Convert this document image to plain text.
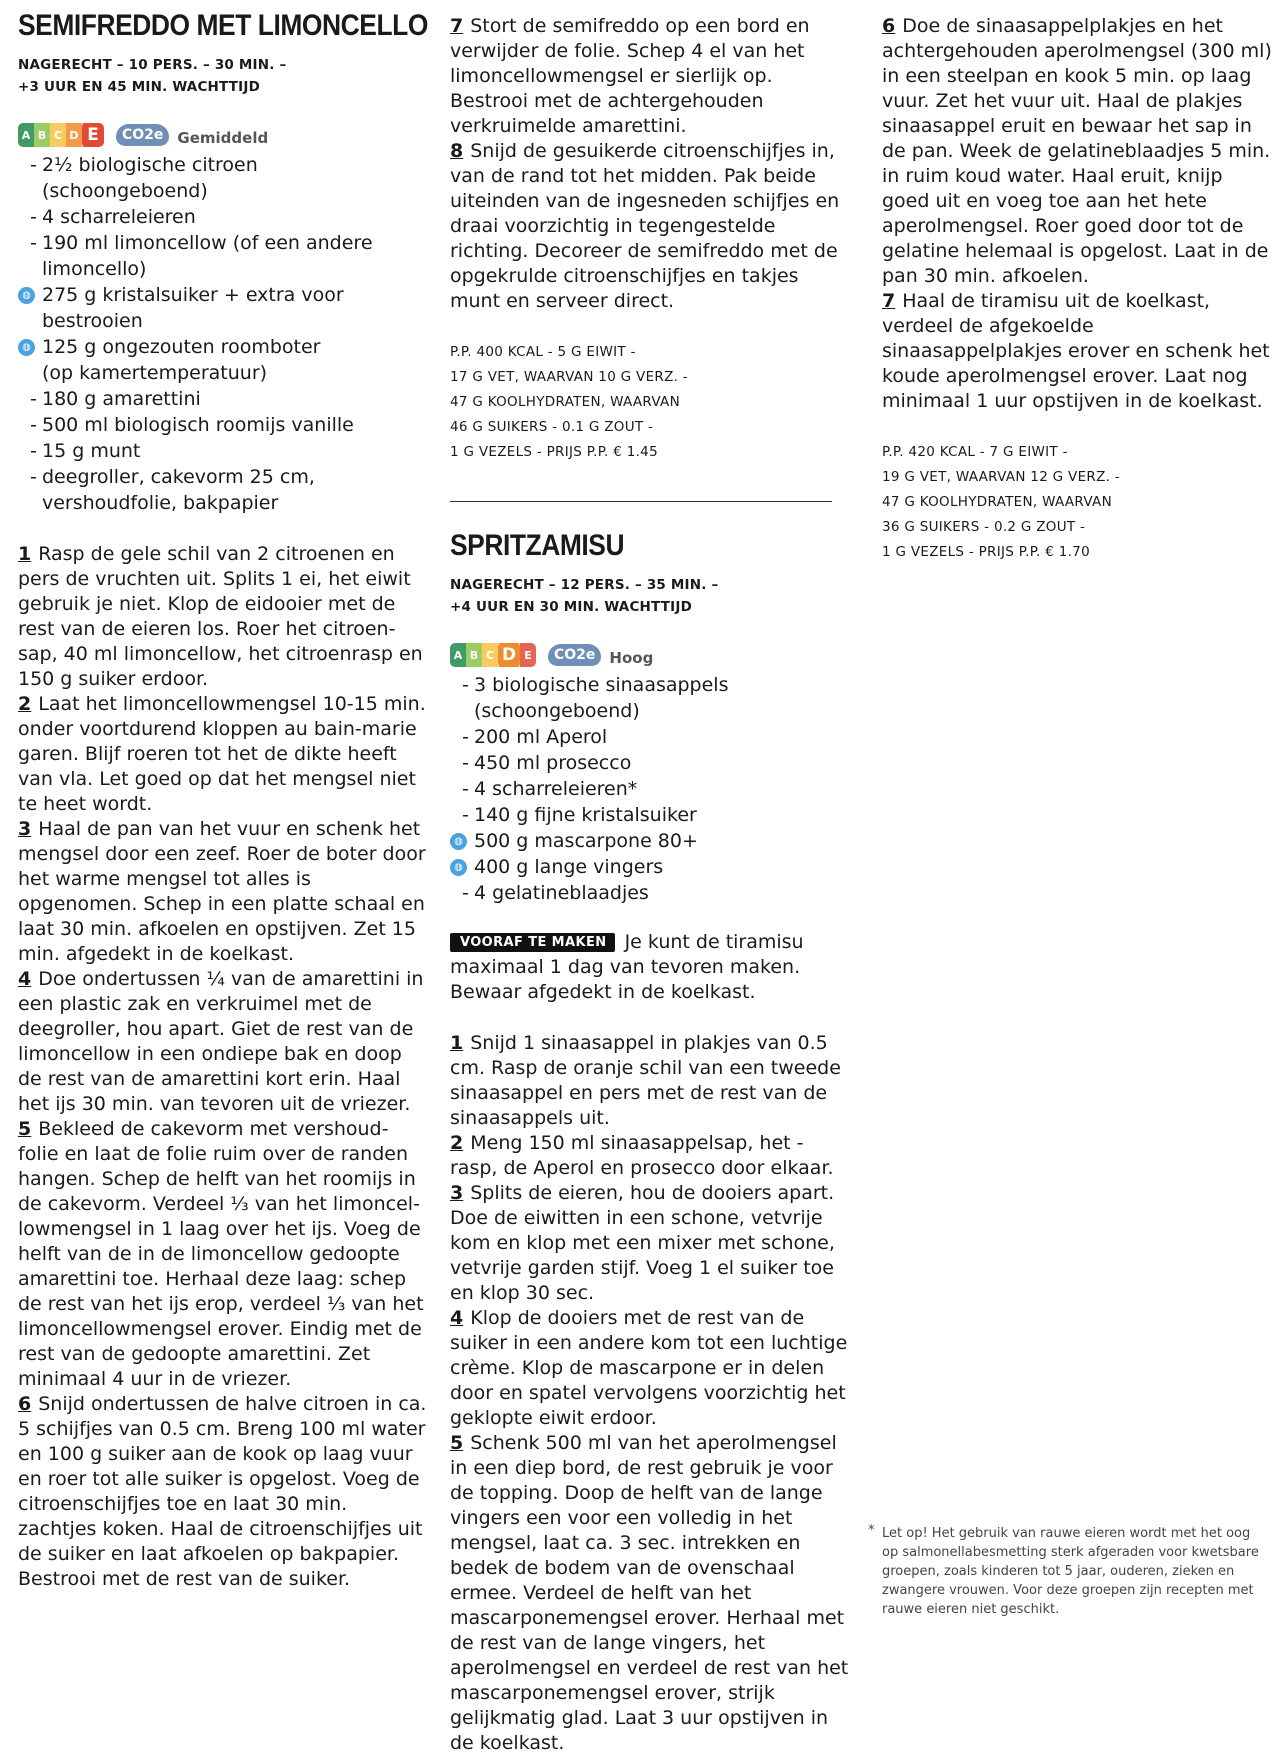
SEMIFREDDO MET LIMONCELLO
NAGERECHT – 10 PERS. – 30 MIN. –
+3 UUR EN 45 MIN. WACHTTIJD
A B C D E	CO2e Gemiddeld
- 2½ biologische citroen (schoongeboend)
- 4 scharreleieren
- 190 ml limoncellow (of een andere
limoncello)
◍ 275 g kristalsuiker + extra voor bestrooien
◍ 125 g ongezouten roomboter
(op kamertemperatuur)
- 180 g amarettini
- 500 ml biologisch roomijs vanille
- 15 g munt
- deegroller, cakevorm 25 cm,
vershoudfolie, bakpapier

1 Rasp de gele schil van 2 citroenen en pers de vruchten uit. Splits 1 ei, het eiwit gebruik je niet. Klop de eidooier met de rest van de eieren los. Roer het citroen-sap, 40 ml limoncellow, het citroenrasp en 150 g suiker erdoor.

2 Laat het limoncellowmengsel 10-15 min. onder voortdurend kloppen au bain-marie garen. Blijf roeren tot het de dikte heeft van vla. Let goed op dat het mengsel niet te heet wordt.

3 Haal de pan van het vuur en schenk het mengsel door een zeef. Roer de boter door het warme mengsel tot alles is opgenomen. Schep in een platte schaal en laat 30 min. afkoelen en opstijven. Zet 15 min. afgedekt in de koelkast.

4 Doe ondertussen ¼ van de amarettini in een plastic zak en verkruimel met de deegroller, hou apart. Giet de rest van de limoncellow in een ondiepe bak en doop de rest van de amarettini kort erin. Haal het ijs 30 min. van tevoren uit de vriezer.

5 Bekleed de cakevorm met vershoud-folie en laat de folie ruim over de randen hangen. Schep de helft van het roomijs in de cakevorm. Verdeel ⅓ van het limoncel-lowmengsel in 1 laag over het ijs. Voeg de helft van de in de limoncellow gedoopte amarettini toe. Herhaal deze laag: schep de rest van het ijs erop, verdeel ⅓ van het limoncellowmengsel erover. Eindig met de rest van de gedoopte amarettini. Zet minimaal 4 uur in de vriezer.

6 Snijd ondertussen de halve citroen in ca. 5 schijfjes van 0.5 cm. Breng 100 ml water en 100 g suiker aan de kook op laag vuur en roer tot alle suiker is opgelost. Voeg de citroenschijfjes toe en laat 30 min. zachtjes koken. Haal de citroenschijfjes uit de suiker en laat afkoelen op bakpapier. Bestrooi met de rest van de suiker.

7 Stort de semifreddo op een bord en verwijder de folie. Schep 4 el van het limoncellowmengsel er sierlijk op. Bestrooi met de achtergehouden verkruimelde amarettini.

8 Snijd de gesuikerde citroenschijfjes in, van de rand tot het midden. Pak beide uiteinden van de ingesneden schijfjes en draai voorzichtig in tegengestelde richting. Decoreer de semifreddo met de opgekrulde citroenschijfjes en takjes munt en serveer direct.

P.P. 400 KCAL - 5 G EIWIT -
17 G VET, WAARVAN 10 G VERZ. -
47 G KOOLHYDRATEN, WAARVAN
46 G SUIKERS - 0.1 G ZOUT -
1 G VEZELS - PRIJS P.P. € 1.45
SPRITZAMISU
NAGERECHT – 12 PERS. – 35 MIN. –
+4 UUR EN 30 MIN. WACHTTIJD
A B C D E	CO2e Hoog
- 3 biologische sinaasappels
(schoongeboend)
- 200 ml Aperol
- 450 ml prosecco
- 4 scharreleieren*
- 140 g fijne kristalsuiker
◍ 500 g mascarpone 80+
◍ 400 g lange vingers
- 4 gelatineblaadjes
VOORAF TE MAKEN Je kunt de tiramisu maximaal 1 dag van tevoren maken. Bewaar afgedekt in de koelkast.

1 Snijd 1 sinaasappel in plakjes van 0.5 cm. Rasp de oranje schil van een tweede sinaasappel en pers met de rest van de sinaasappels uit.

2 Meng 150 ml sinaasappelsap, het -rasp, de Aperol en prosecco door elkaar.

3 Splits de eieren, hou de dooiers apart. Doe de eiwitten in een schone, vetvrije kom en klop met een mixer met schone, vetvrije garden stijf. Voeg 1 el suiker toe en klop 30 sec.

4 Klop de dooiers met de rest van de suiker in een andere kom tot een luchtige crème. Klop de mascarpone er in delen door en spatel vervolgens voorzichtig het geklopte eiwit erdoor.

5 Schenk 500 ml van het aperolmengsel in een diep bord, de rest gebruik je voor de topping. Doop de helft van de lange vingers een voor een volledig in het mengsel, laat ca. 3 sec. intrekken en bedek de bodem van de ovenschaal ermee. Verdeel de helft van het mascarponemengsel erover. Herhaal met de rest van de lange vingers, het aperolmengsel en verdeel de rest van het mascarponemengsel erover, strijk gelijkmatig glad. Laat 3 uur opstijven in de koelkast.

6 Doe de sinaasappelplakjes en het achtergehouden aperolmengsel (300 ml) in een steelpan en kook 5 min. op laag vuur. Zet het vuur uit. Haal de plakjes sinaasappel eruit en bewaar het sap in de pan. Week de gelatineblaadjes 5 min. in ruim koud water. Haal eruit, knijp goed uit en voeg toe aan het hete aperolmengsel. Roer goed door tot de gelatine helemaal is opgelost. Laat in de pan 30 min. afkoelen.

7 Haal de tiramisu uit de koelkast, verdeel de afgekoelde sinaasappelplakjes erover en schenk het koude aperolmengsel erover. Laat nog minimaal 1 uur opstijven in de koelkast.

P.P. 420 KCAL - 7 G EIWIT -
19 G VET, WAARVAN 12 G VERZ. -
47 G KOOLHYDRATEN, WAARVAN
36 G SUIKERS - 0.2 G ZOUT -
1 G VEZELS - PRIJS P.P. € 1.70
* Let op! Het gebruik van rauwe eieren wordt met het oog op salmonellabesmetting sterk afgeraden voor kwetsbare groepen, zoals kinderen tot 5 jaar, ouderen, zieken en zwangere vrouwen. Voor deze groepen zijn recepten met rauwe eieren niet geschikt.
